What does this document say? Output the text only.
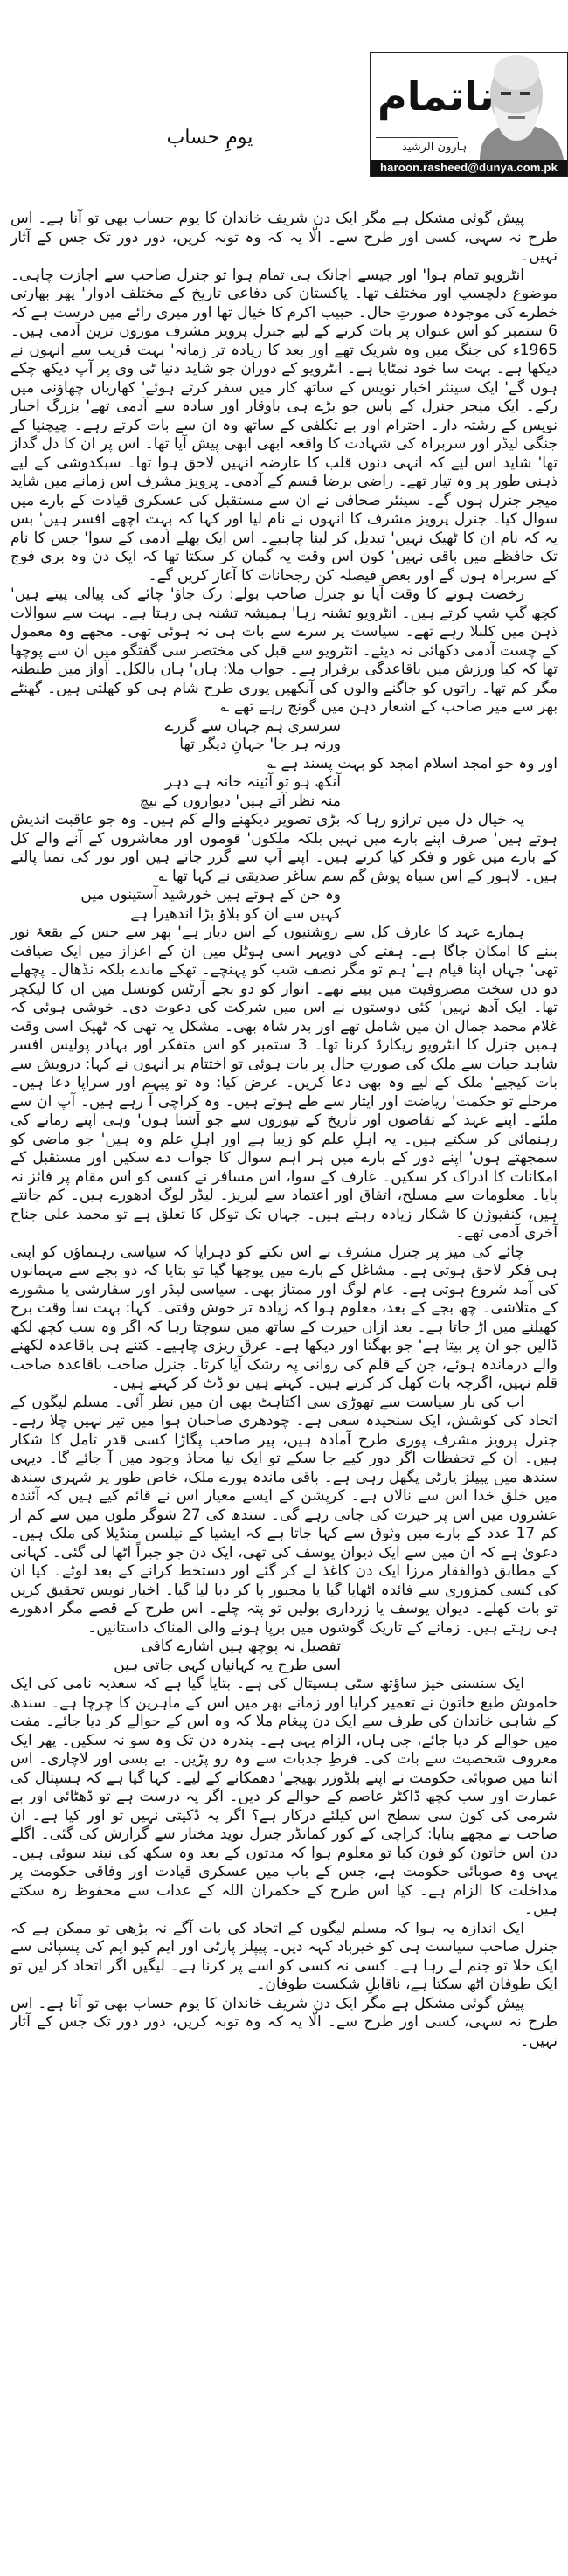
ناتمام
ہارون الرشید
haroon.rasheed@dunya.com.pk
یومِ حساب

پیش گوئی مشکل ہے مگر ایک دن شریف خاندان کا یوم حساب بھی تو آنا ہے۔ اس طرح نہ سہی، کسی اور طرح سے۔ الّا یہ کہ وہ توبہ کریں، دور دور تک جس کے آثار نہیں۔

انٹرویو تمام ہوا' اور جیسے اچانک ہی تمام ہوا تو جنرل صاحب سے اجازت چاہی۔ موضوع دلچسپ اور مختلف تھا۔ پاکستان کی دفاعی تاریخ کے مختلف ادوار' پھر بھارتی خطرے کی موجودہ صورتِ حال۔ حبیب اکرم کا خیال تھا اور میری رائے میں درست ہے کہ 6 ستمبر کو اس عنوان پر بات کرنے کے لیے جنرل پرویز مشرف موزوں ترین آدمی ہیں۔ 1965ء کی جنگ میں وہ شریک تھے اور بعد کا زیادہ تر زمانہ' بہت قریب سے انہوں نے دیکھا ہے۔ بہت سا خود نمٹایا ہے۔ انٹرویو کے دوران جو شاید دنیا ٹی وی پر آپ دیکھ چکے ہوں گے' ایک سینئر اخبار نویس کے ساتھ کار میں سفر کرتے ہوئے' کھاریاں چھاؤنی میں رکے۔ ایک میجر جنرل کے پاس جو بڑے ہی باوقار اور سادہ سے آدمی تھے' بزرگ اخبار نویس کے رشتہ دار۔ احترام اور بے تکلفی کے ساتھ وہ ان سے بات کرتے رہے۔ چیچنیا کے جنگی لیڈر اور سربراہ کی شہادت کا واقعہ ابھی ابھی پیش آیا تھا۔ اس پر ان کا دل گداز تھا' شاید اس لیے کہ انہی دنوں قلب کا عارضہ انہیں لاحق ہوا تھا۔ سبکدوشی کے لیے ذہنی طور پر وہ تیار تھے۔ راضی برضا قسم کے آدمی۔ پرویز مشرف اس زمانے میں شاید میجر جنرل ہوں گے۔ سینئر صحافی نے ان سے مستقبل کی عسکری قیادت کے بارے میں سوال کیا۔ جنرل پرویز مشرف کا انہوں نے نام لیا اور کہا کہ بہت اچھے افسر ہیں' بس یہ کہ نام ان کا ٹھیک نہیں' تبدیل کر لینا چاہیے۔ اس ایک بھلے آدمی کے سوا' جس کا نام تک حافظے میں باقی نہیں' کون اس وقت یہ گمان کر سکتا تھا کہ ایک دن وہ بری فوج کے سربراہ ہوں گے اور بعض فیصلہ کن رجحانات کا آغاز کریں گے۔

رخصت ہونے کا وقت آیا تو جنرل صاحب بولے: رک جاؤ' چائے کی پیالی پیتے ہیں' کچھ گپ شپ کرتے ہیں۔ انٹرویو تشنہ رہا' ہمیشہ تشنہ ہی رہتا ہے۔ بہت سے سوالات ذہن میں کلبلا رہے تھے۔ سیاست پر سرے سے بات ہی نہ ہوئی تھی۔ مجھے وہ معمول کے چست آدمی دکھائی نہ دیئے۔ انٹرویو سے قبل کی مختصر سی گفتگو میں ان سے پوچھا تھا کہ کیا ورزش میں باقاعدگی برقرار ہے۔ جواب ملا: ہاں' ہاں بالکل۔ آواز میں طنطنہ مگر کم تھا۔ راتوں کو جاگنے والوں کی آنکھیں پوری طرح شام ہی کو کھلتی ہیں۔ گھنٹے بھر سے میر صاحب کے اشعار ذہن میں گونج رہے تھے ؎

سرسری ہم جہان سے گزرے

ورنہ ہر جا' جہانِ دیگر تھا

اور وہ جو امجد اسلام امجد کو بہت پسند ہے ؎

آنکھ ہو تو آئینہ خانہ ہے دہر

منہ نظر آتے ہیں' دیواروں کے بیچ

یہ خیال دل میں ترازو رہا کہ بڑی تصویر دیکھنے والے کم ہیں۔ وہ جو عاقبت اندیش ہوتے ہیں' صرف اپنے بارے میں نہیں بلکہ ملکوں' قوموں اور معاشروں کے آنے والے کل کے بارے میں غور و فکر کیا کرتے ہیں۔ اپنے آپ سے گزر جاتے ہیں اور نور کی تمنا پالتے ہیں۔ لاہور کے اس سیاہ پوش گم سم ساغر صدیقی نے کہا تھا ؎

وہ جن کے ہوتے ہیں خورشید آستینوں میں

کہیں سے ان کو بلاؤ بڑا اندھیرا ہے

ہمارے عہد کا عارف کل سے روشنیوں کے اس دیار ہے' پھر سے جس کے بقعۂ نور بننے کا امکان جاگا ہے۔ ہفتے کی دوپہر اسی ہوٹل میں ان کے اعزاز میں ایک ضیافت تھی' جہاں اپنا قیام ہے' ہم تو مگر نصف شب کو پہنچے۔ تھکے ماندے بلکہ نڈھال۔ پچھلے دو دن سخت مصروفیت میں بیتے تھے۔ اتوار کو دو بجے آرٹس کونسل میں ان کا لیکچر تھا۔ ایک آدھ نہیں' کئی دوستوں نے اس میں شرکت کی دعوت دی۔ خوشی ہوئی کہ غلام محمد جمال ان میں شامل تھے اور بدر شاہ بھی۔ مشکل یہ تھی کہ ٹھیک اسی وقت ہمیں جنرل کا انٹرویو ریکارڈ کرنا تھا۔ 3 ستمبر کو اس متفکر اور بہادر پولیس افسر شاہد حیات سے ملک کی صورتِ حال پر بات ہوئی تو اختتام پر انہوں نے کہا: درویش سے بات کیجیے' ملک کے لیے وہ بھی دعا کریں۔ عرض کیا: وہ تو پیہم اور سراپا دعا ہیں۔ مرحلے تو حکمت' ریاضت اور ایثار سے طے ہوتے ہیں۔ وہ کراچی آ رہے ہیں۔ آپ ان سے ملئے۔ اپنے عہد کے تقاضوں اور تاریخ کے تیوروں سے جو آشنا ہوں' وہی اپنے زمانے کی رہنمائی کر سکتے ہیں۔ یہ اہلِ علم کو زیبا ہے اور اہلِ علم وہ ہیں' جو ماضی کو سمجھتے ہوں' اپنے دور کے بارے میں ہر اہم سوال کا جواب دے سکیں اور مستقبل کے امکانات کا ادراک کر سکیں۔ عارف کے سوا، اس مسافر نے کسی کو اس مقام پر فائز نہ پایا۔ معلومات سے مسلح، اتفاق اور اعتماد سے لبریز۔ لیڈر لوگ ادھورے ہیں۔ کم جانتے ہیں، کنفیوژن کا شکار زیادہ رہتے ہیں۔ جہاں تک توکل کا تعلق ہے تو محمد علی جناح آخری آدمی تھے۔

چائے کی میز پر جنرل مشرف نے اس نکتے کو دہرایا کہ سیاسی رہنماؤں کو اپنی ہی فکر لاحق ہوتی ہے۔ مشاغل کے بارے میں پوچھا گیا تو بتایا کہ دو بجے سے مہمانوں کی آمد شروع ہوتی ہے۔ عام لوگ اور ممتاز بھی۔ سیاسی لیڈر اور سفارشی یا مشورے کے متلاشی۔ چھ بجے کے بعد، معلوم ہوا کہ زیادہ تر خوش وقتی۔ کہا: بہت سا وقت برج کھیلنے میں اڑ جاتا ہے۔ بعد ازاں حیرت کے ساتھ میں سوچتا رہا کہ اگر وہ سب کچھ لکھ ڈالیں جو ان پر بیتا ہے' جو بھگتا اور دیکھا ہے۔ عرق ریزی چاہیے۔ کتنے ہی باقاعدہ لکھنے والے درماندہ ہوئے، جن کے قلم کی روانی پہ رشک آیا کرتا۔ جنرل صاحب باقاعدہ صاحب قلم نہیں، اگرچہ بات کھل کر کرتے ہیں۔ کہتے ہیں تو ڈٹ کر کہتے ہیں۔

اب کی بار سیاست سے تھوڑی سی اکتاہٹ بھی ان میں نظر آئی۔ مسلم لیگوں کے اتحاد کی کوشش، ایک سنجیدہ سعی ہے۔ چودھری صاحبان ہوا میں تیر نہیں چلا رہے۔ جنرل پرویز مشرف پوری طرح آمادہ ہیں، پیر صاحب پگاڑا کسی قدر تامل کا شکار ہیں۔ ان کے تحفظات اگر دور کیے جا سکے تو ایک نیا محاذ وجود میں آ جائے گا۔ دیہی سندھ میں پیپلز پارٹی پگھل رہی ہے۔ باقی ماندہ پورے ملک، خاص طور پر شہری سندھ میں خلقِ خدا اس سے نالاں ہے۔ کرپشن کے ایسے معیار اس نے قائم کیے ہیں کہ آئندہ عشروں میں اس پر حیرت کی جاتی رہے گی۔ سندھ کی 27 شوگر ملوں میں سے کم از کم 17 عدد کے بارے میں وثوق سے کہا جاتا ہے کہ ایشیا کے نیلسن منڈیلا کی ملک ہیں۔ دعویٰ ہے کہ ان میں سے ایک دیوان یوسف کی تھی، ایک دن جو جبراً اٹھا لی گئی۔ کہانی کے مطابق ذوالفقار مرزا ایک دن کاغذ لے کر گئے اور دستخط کرانے کے بعد لوٹے۔ کیا ان کی کسی کمزوری سے فائدہ اٹھایا گیا یا مجبور پا کر دبا لیا گیا۔ اخبار نویس تحقیق کریں تو بات کھلے۔ دیوان یوسف یا زرداری بولیں تو پتہ چلے۔ اس طرح کے قصے مگر ادھورے ہی رہتے ہیں۔ زمانے کے تاریک گوشوں میں برپا ہونے والی المناک داستانیں۔

تفصیل نہ پوچھ ہیں اشارے کافی

اسی طرح یہ کہانیاں کہی جاتی ہیں

ایک سنسنی خیز ساؤتھ سٹی ہسپتال کی ہے۔ بتایا گیا ہے کہ سعدیہ نامی کی ایک خاموش طبع خاتون نے تعمیر کرایا اور زمانے بھر میں اس کے ماہرین کا چرچا ہے۔ سندھ کے شاہی خاندان کی طرف سے ایک دن پیغام ملا کہ وہ اس کے حوالے کر دیا جائے۔ مفت میں حوالے کر دیا جائے، جی ہاں، الزام یہی ہے۔ پندرہ دن تک وہ سو نہ سکیں۔ پھر ایک معروف شخصیت سے بات کی۔ فرطِ جذبات سے وہ رو پڑیں۔ بے بسی اور لاچاری۔ اس اثنا میں صوبائی حکومت نے اپنے بلڈوزر بھیجے' دھمکانے کے لیے۔ کہا گیا ہے کہ ہسپتال کی عمارت اور سب کچھ ڈاکٹر عاصم کے حوالے کر دیں۔ اگر یہ درست ہے تو ڈھٹائی اور بے شرمی کی کون سی سطح اس کیلئے درکار ہے؟ اگر یہ ڈکیتی نہیں تو اور کیا ہے۔ ان صاحب نے مجھے بتایا: کراچی کے کور کمانڈر جنرل نوید مختار سے گزارش کی گئی۔ اگلے دن اس خاتون کو فون کیا تو معلوم ہوا کہ مدتوں کے بعد وہ سکھ کی نیند سوئی ہیں۔ یہی وہ صوبائی حکومت ہے، جس کے باب میں عسکری قیادت اور وفاقی حکومت پر مداخلت کا الزام ہے۔ کیا اس طرح کے حکمران اللہ کے عذاب سے محفوظ رہ سکتے ہیں۔

ایک اندازہ یہ ہوا کہ مسلم لیگوں کے اتحاد کی بات آگے نہ بڑھی تو ممکن ہے کہ جنرل صاحب سیاست ہی کو خیرباد کہہ دیں۔ پیپلز پارٹی اور ایم کیو ایم کی پسپائی سے ایک خلا تو جنم لے رہا ہے۔ کسی نہ کسی کو اسے پر کرنا ہے۔ لیگیں اگر اتحاد کر لیں تو ایک طوفان اٹھ سکتا ہے، ناقابلِ شکست طوفان۔

پیش گوئی مشکل ہے مگر ایک دن شریف خاندان کا یوم حساب بھی تو آنا ہے۔ اس طرح نہ سہی، کسی اور طرح سے۔ الّا یہ کہ وہ توبہ کریں، دور دور تک جس کے آثار نہیں۔
